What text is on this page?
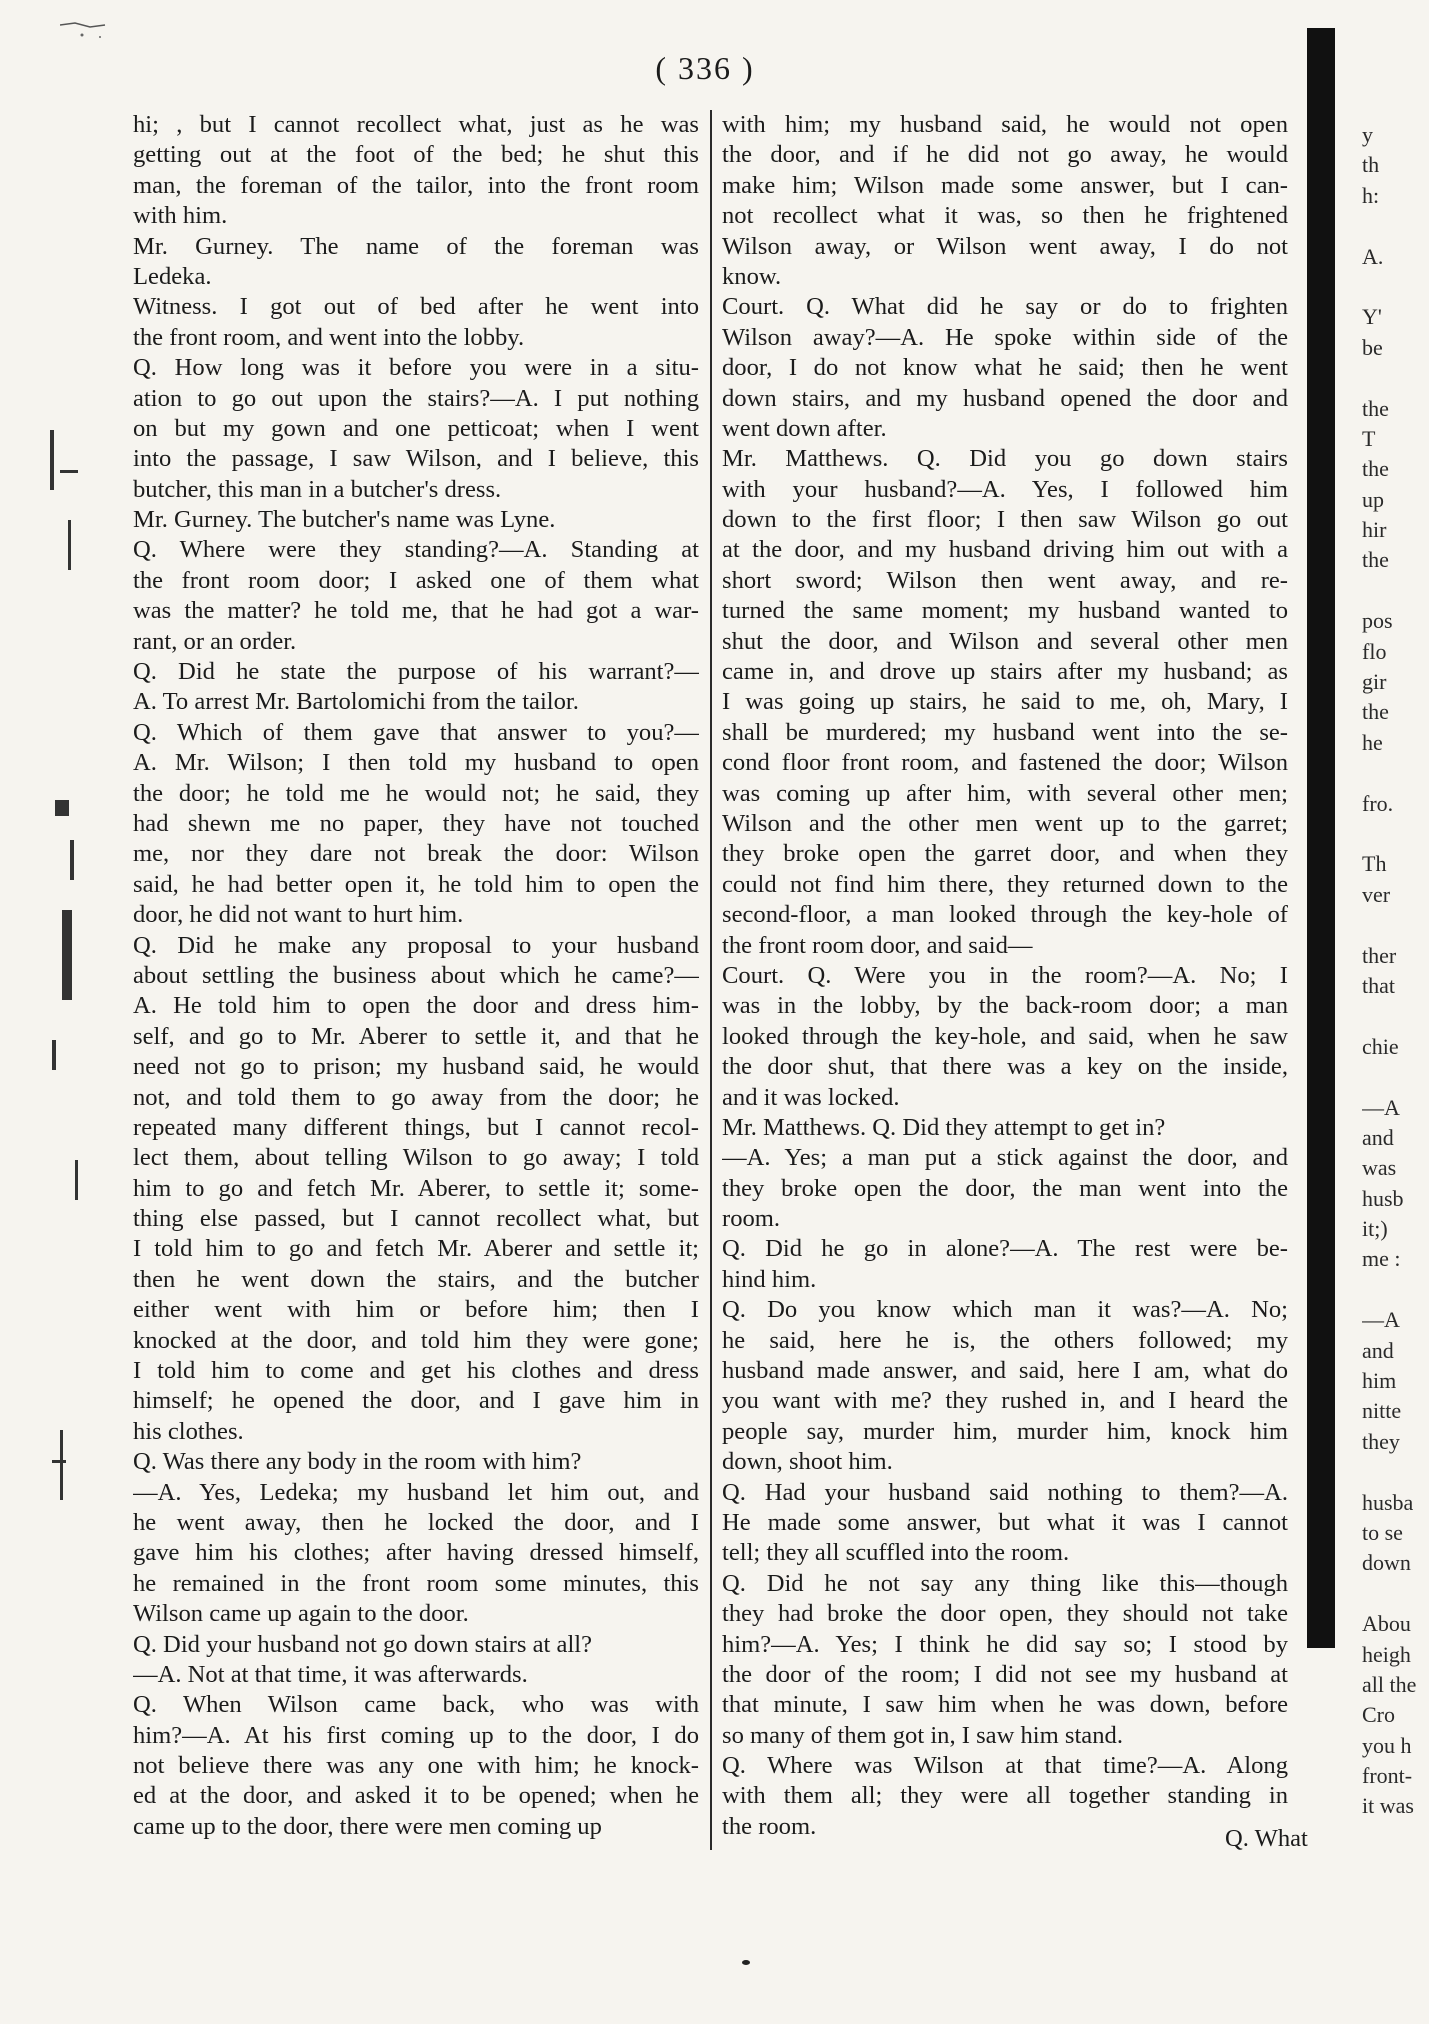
( 336 )
hi; , but I cannot recollect what, just as he was
getting out at the foot of the bed; he shut this
man, the foreman of the tailor, into the front room
with him.
Mr. Gurney. The name of the foreman was
Ledeka.
Witness. I got out of bed after he went into
the front room, and went into the lobby.
Q. How long was it before you were in a situ-
ation to go out upon the stairs?—A. I put nothing
on but my gown and one petticoat; when I went
into the passage, I saw Wilson, and I believe, this
butcher, this man in a butcher's dress.
Mr. Gurney. The butcher's name was Lyne.
Q. Where were they standing?—A. Standing at
the front room door; I asked one of them what
was the matter? he told me, that he had got a war-
rant, or an order.
Q. Did he state the purpose of his warrant?—
A. To arrest Mr. Bartolomichi from the tailor.
Q. Which of them gave that answer to you?—
A. Mr. Wilson; I then told my husband to open
the door; he told me he would not; he said, they
had shewn me no paper, they have not touched
me, nor they dare not break the door: Wilson
said, he had better open it, he told him to open the
door, he did not want to hurt him.
Q. Did he make any proposal to your husband
about settling the business about which he came?—
A. He told him to open the door and dress him-
self, and go to Mr. Aberer to settle it, and that he
need not go to prison; my husband said, he would
not, and told them to go away from the door; he
repeated many different things, but I cannot recol-
lect them, about telling Wilson to go away; I told
him to go and fetch Mr. Aberer, to settle it; some-
thing else passed, but I cannot recollect what, but
I told him to go and fetch Mr. Aberer and settle it;
then he went down the stairs, and the butcher
either went with him or before him; then I
knocked at the door, and told him they were gone;
I told him to come and get his clothes and dress
himself; he opened the door, and I gave him in
his clothes.
Q. Was there any body in the room with him?
—A. Yes, Ledeka; my husband let him out, and
he went away, then he locked the door, and I
gave him his clothes; after having dressed himself,
he remained in the front room some minutes, this
Wilson came up again to the door.
Q. Did your husband not go down stairs at all?
—A. Not at that time, it was afterwards.
Q. When Wilson came back, who was with
him?—A. At his first coming up to the door, I do
not believe there was any one with him; he knock-
ed at the door, and asked it to be opened; when he
came up to the door, there were men coming up
with him; my husband said, he would not open
the door, and if he did not go away, he would
make him; Wilson made some answer, but I can-
not recollect what it was, so then he frightened
Wilson away, or Wilson went away, I do not
know.
Court. Q. What did he say or do to frighten
Wilson away?—A. He spoke within side of the
door, I do not know what he said; then he went
down stairs, and my husband opened the door and
went down after.
Mr. Matthews. Q. Did you go down stairs
with your husband?—A. Yes, I followed him
down to the first floor; I then saw Wilson go out
at the door, and my husband driving him out with a
short sword; Wilson then went away, and re-
turned the same moment; my husband wanted to
shut the door, and Wilson and several other men
came in, and drove up stairs after my husband; as
I was going up stairs, he said to me, oh, Mary, I
shall be murdered; my husband went into the se-
cond floor front room, and fastened the door; Wilson
was coming up after him, with several other men;
Wilson and the other men went up to the garret;
they broke open the garret door, and when they
could not find him there, they returned down to the
second-floor, a man looked through the key-hole of
the front room door, and said—
Court. Q. Were you in the room?—A. No; I
was in the lobby, by the back-room door; a man
looked through the key-hole, and said, when he saw
the door shut, that there was a key on the inside,
and it was locked.
Mr. Matthews. Q. Did they attempt to get in?
—A. Yes; a man put a stick against the door, and
they broke open the door, the man went into the
room.
Q. Did he go in alone?—A. The rest were be-
hind him.
Q. Do you know which man it was?—A. No;
he said, here he is, the others followed; my
husband made answer, and said, here I am, what do
you want with me? they rushed in, and I heard the
people say, murder him, murder him, knock him
down, shoot him.
Q. Had your husband said nothing to them?—A.
He made some answer, but what it was I cannot
tell; they all scuffled into the room.
Q. Did he not say any thing like this—though
they had broke the door open, they should not take
him?—A. Yes; I think he did say so; I stood by
the door of the room; I did not see my husband at
that minute, I saw him when he was down, before
so many of them got in, I saw him stand.
Q. Where was Wilson at that time?—A. Along
with them all; they were all together standing in
the room.	Q. What
y
th
h:
A.
Y'
be
the
T
the
up
hir
the
pos
flo
gir
the
he
fro.
Th
ver
ther
that
chie
—A
and
was
husb
it;)
me :
—A
and
him
nitte
they
husba
to se
down
Abou
heigh
all the
Cro
you h
front-
it was
